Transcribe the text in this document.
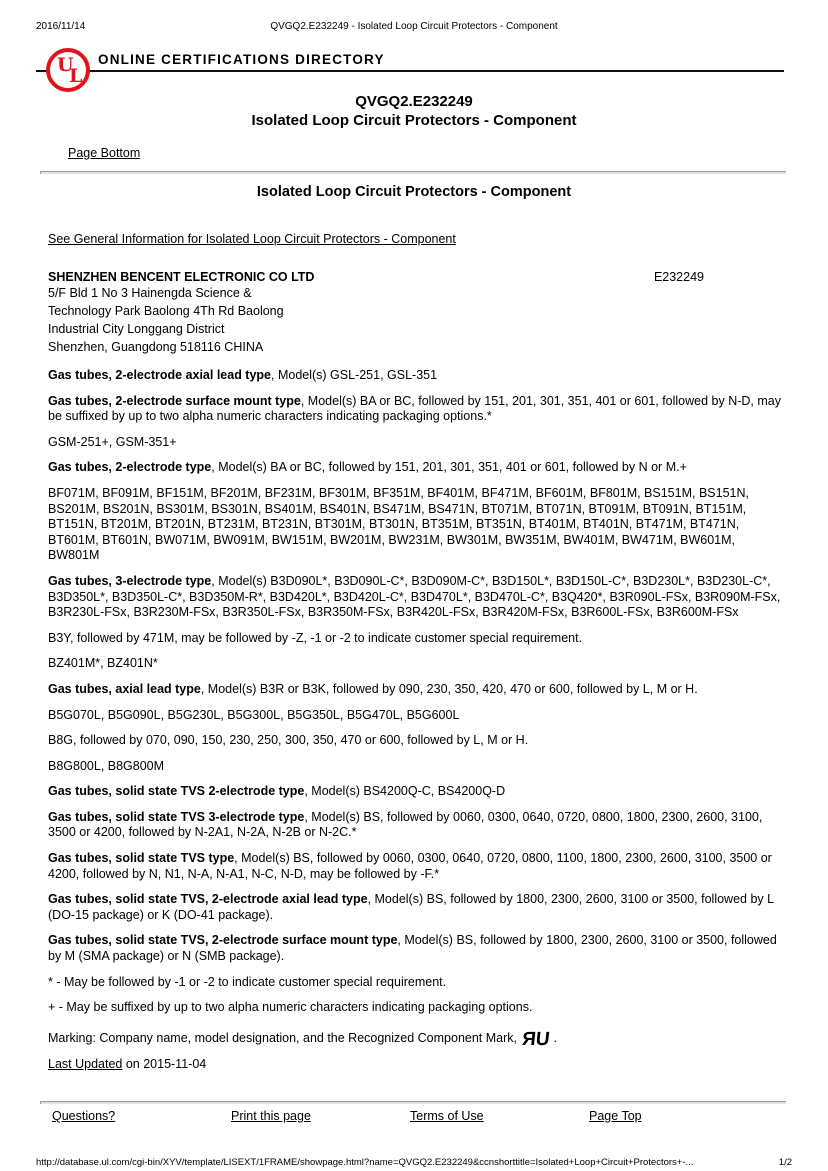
2016/11/14	QVGQ2.E232249 - Isolated Loop Circuit Protectors - Component
U
L
ONLINE CERTIFICATIONS DIRECTORY
QVGQ2.E232249
Isolated Loop Circuit Protectors - Component
Page Bottom
Isolated Loop Circuit Protectors - Component
See General Information for Isolated Loop Circuit Protectors - Component
SHENZHEN BENCENT ELECTRONIC CO LTD	E232249
5/F Bld 1 No 3 Hainengda Science &
Technology Park Baolong 4Th Rd Baolong
Industrial City Longgang District
Shenzhen, Guangdong 518116 CHINA

Gas tubes, 2-electrode axial lead type, Model(s) GSL-251, GSL-351

Gas tubes, 2-electrode surface mount type, Model(s) BA or BC, followed by 151, 201, 301, 351, 401 or 601, followed by N-D, may be suffixed by up to two alpha numeric characters indicating packaging options.*

GSM-251+, GSM-351+

Gas tubes, 2-electrode type, Model(s) BA or BC, followed by 151, 201, 301, 351, 401 or 601, followed by N or M.+

BF071M, BF091M, BF151M, BF201M, BF231M, BF301M, BF351M, BF401M, BF471M, BF601M, BF801M, BS151M, BS151N, BS201M, BS201N, BS301M, BS301N, BS401M, BS401N, BS471M, BS471N, BT071M, BT071N, BT091M, BT091N, BT151M, BT151N, BT201M, BT201N, BT231M, BT231N, BT301M, BT301N, BT351M, BT351N, BT401M, BT401N, BT471M, BT471N, BT601M, BT601N, BW071M, BW091M, BW151M, BW201M, BW231M, BW301M, BW351M, BW401M, BW471M, BW601M, BW801M

Gas tubes, 3-electrode type, Model(s) B3D090L*, B3D090L-C*, B3D090M-C*, B3D150L*, B3D150L-C*, B3D230L*, B3D230L-C*, B3D350L*, B3D350L-C*, B3D350M-R*, B3D420L*, B3D420L-C*, B3D470L*, B3D470L-C*, B3Q420*, B3R090L-FSx, B3R090M-FSx, B3R230L-FSx, B3R230M-FSx, B3R350L-FSx, B3R350M-FSx, B3R420L-FSx, B3R420M-FSx, B3R600L-FSx, B3R600M-FSx

B3Y, followed by 471M, may be followed by -Z, -1 or -2 to indicate customer special requirement.

BZ401M*, BZ401N*

Gas tubes, axial lead type, Model(s) B3R or B3K, followed by 090, 230, 350, 420, 470 or 600, followed by L, M or H.

B5G070L, B5G090L, B5G230L, B5G300L, B5G350L, B5G470L, B5G600L

B8G, followed by 070, 090, 150, 230, 250, 300, 350, 470 or 600, followed by L, M or H.

B8G800L, B8G800M

Gas tubes, solid state TVS 2-electrode type, Model(s) BS4200Q-C, BS4200Q-D

Gas tubes, solid state TVS 3-electrode type, Model(s) BS, followed by 0060, 0300, 0640, 0720, 0800, 1800, 2300, 2600, 3100, 3500 or 4200, followed by N-2A1, N-2A, N-2B or N-2C.*

Gas tubes, solid state TVS type, Model(s) BS, followed by 0060, 0300, 0640, 0720, 0800, 1100, 1800, 2300, 2600, 3100, 3500 or 4200, followed by N, N1, N-A, N-A1, N-C, N-D, may be followed by -F.*

Gas tubes, solid state TVS, 2-electrode axial lead type, Model(s) BS, followed by 1800, 2300, 2600, 3100 or 3500, followed by L (DO-15 package) or K (DO-41 package).

Gas tubes, solid state TVS, 2-electrode surface mount type, Model(s) BS, followed by 1800, 2300, 2600, 3100 or 3500, followed by M (SMA package) or N (SMB package).

* - May be followed by -1 or -2 to indicate customer special requirement.

+ - May be suffixed by up to two alpha numeric characters indicating packaging options.

Marking: Company name, model designation, and the Recognized Component Mark, RU .
Last Updated on 2015-11-04
Questions?	Print this page	Terms of Use	Page Top
http://database.ul.com/cgi-bin/XYV/template/LISEXT/1FRAME/showpage.html?name=QVGQ2.E232249&ccnshorttitle=Isolated+Loop+Circuit+Protectors+-...	1/2
